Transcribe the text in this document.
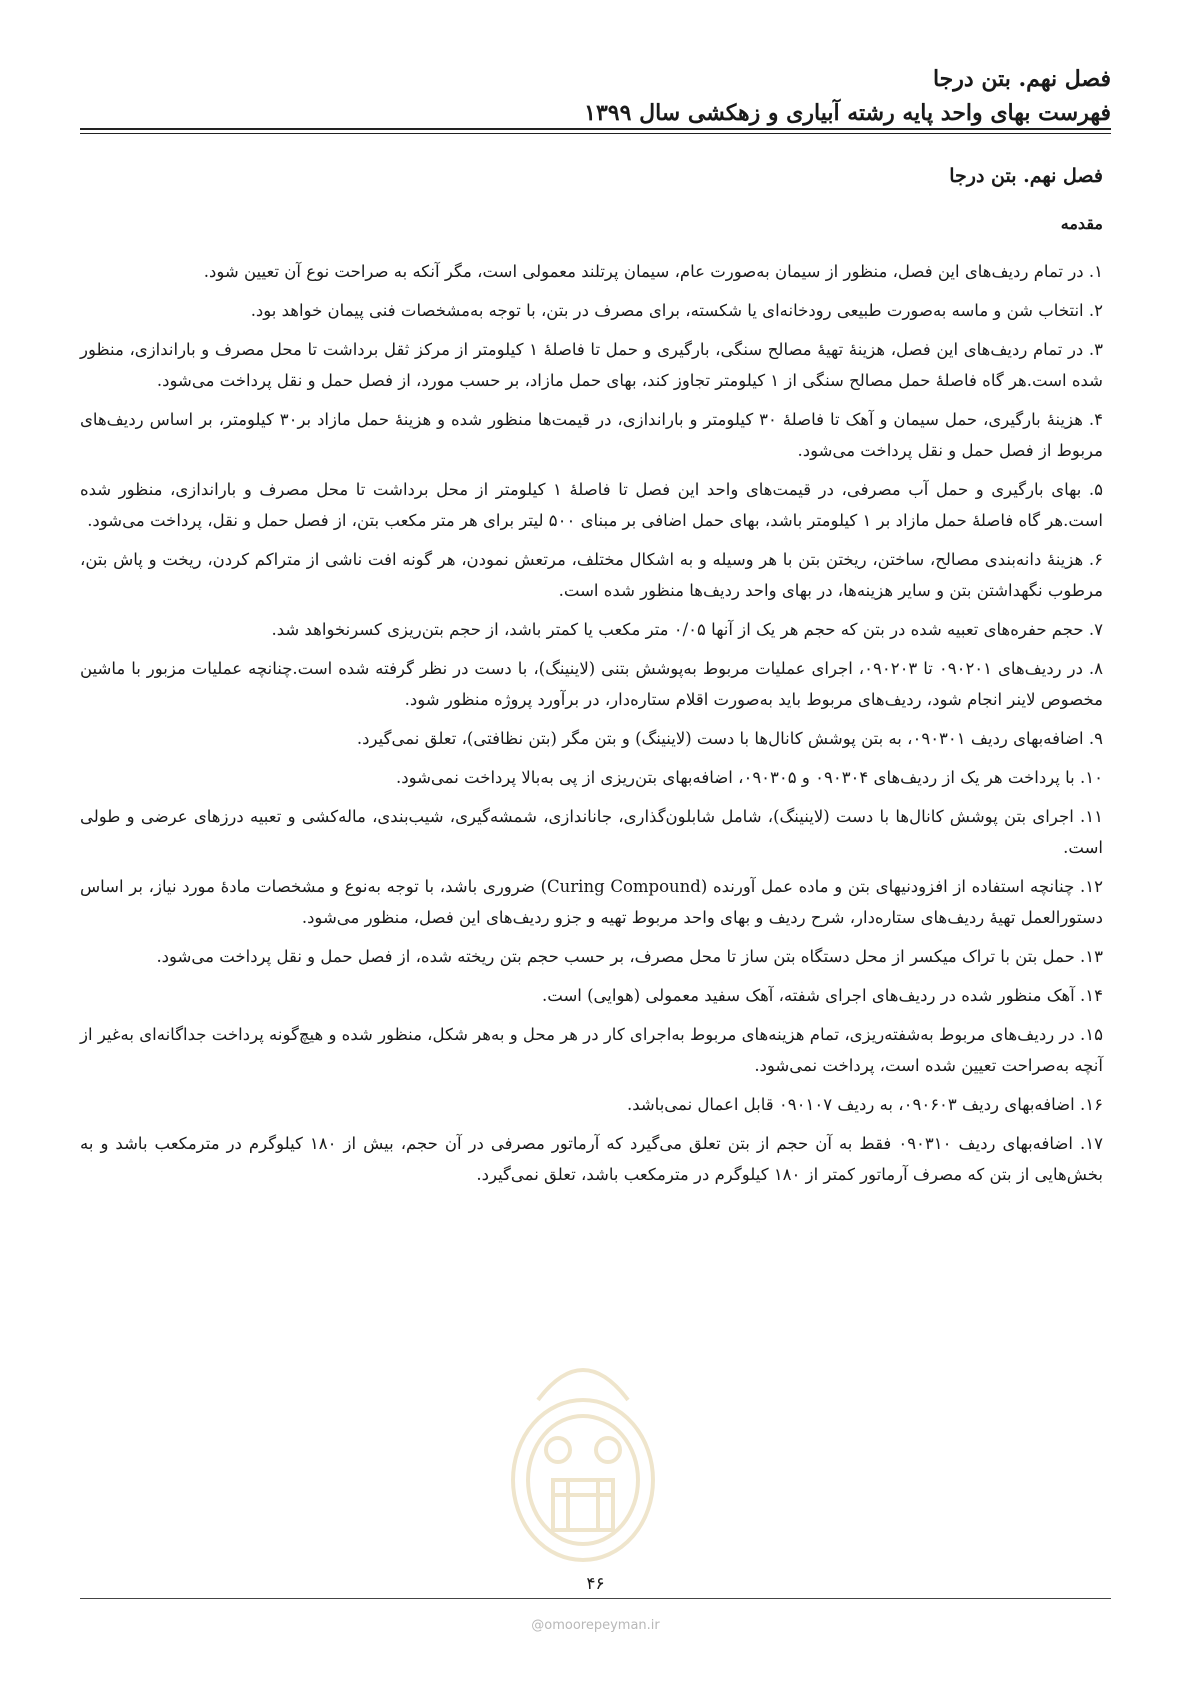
فصل نهم. بتن درجا

فهرست بهای واحد پایه رشته آبیاری و زهکشی سال ۱۳۹۹

فصل نهم. بتن درجا
مقدمه

۱. در تمام ردیف‌های این فصل، منظور از سیمان به‌صورت عام، سیمان پرتلند معمولی است، مگر آنکه به صراحت نوع آن تعیین شود.

۲. انتخاب شن و ماسه به‌صورت طبیعی رودخانه‌ای یا شکسته، برای مصرف در بتن، با توجه به‌مشخصات فنی پیمان خواهد بود.

۳. در تمام ردیف‌های این فصل، هزینهٔ تهیهٔ مصالح سنگی، بارگیری و حمل تا فاصلهٔ ۱ کیلومتر از مرکز ثقل برداشت تا محل مصرف و باراندازی، منظور شده است.هر گاه فاصلهٔ حمل مصالح سنگی از ۱ کیلومتر تجاوز کند، بهای حمل مازاد، بر حسب مورد، از فصل حمل و نقل پرداخت می‌شود.

۴. هزینهٔ بارگیری، حمل سیمان و آهک تا فاصلهٔ ۳۰ کیلومتر و باراندازی، در قیمت‌ها منظور شده و هزینهٔ حمل مازاد بر۳۰ کیلومتر، بر اساس ردیف‌های مربوط از فصل حمل و نقل پرداخت می‌شود.

۵. بهای بارگیری و حمل آب مصرفی، در قیمت‌های واحد این فصل تا فاصلهٔ ۱ کیلومتر از محل برداشت تا محل مصرف و باراندازی، منظور شده است.هر گاه فاصلهٔ حمل مازاد بر ۱ کیلومتر باشد، بهای حمل اضافی بر مبنای ۵۰۰ لیتر برای هر متر مکعب بتن، از فصل حمل و نقل، پرداخت می‌شود.

۶. هزینهٔ دانه‌بندی مصالح، ساختن، ریختن بتن با هر وسیله و به اشکال مختلف، مرتعش نمودن، هر گونه افت ناشی از متراکم کردن، ریخت و پاش بتن، مرطوب نگهداشتن بتن و سایر هزینه‌ها، در بهای واحد ردیف‌ها منظور شده است.

۷. حجم حفره‌های تعبیه شده در بتن که حجم هر یک از آنها ۰/۰۵ متر مکعب یا کمتر باشد، از حجم بتن‌ریزی کسرنخواهد شد.

۸. در ردیف‌های ۰۹۰۲۰۱ تا ۰۹۰۲۰۳، اجرای عملیات مربوط به‌پوشش بتنی (لاینینگ)، با دست در نظر گرفته شده است.چنانچه عملیات مزبور با ماشین مخصوص لاینر انجام شود، ردیف‌های مربوط باید به‌صورت اقلام ستاره‌دار، در برآورد پروژه منظور شود.

۹. اضافه‌بهای ردیف ۰۹۰۳۰۱، به بتن پوشش کانال‌ها با دست (لاینینگ) و بتن مگر (بتن نظافتی)، تعلق نمی‌گیرد.

۱۰. با پرداخت هر یک از ردیف‌های ۰۹۰۳۰۴ و ۰۹۰۳۰۵، اضافه‌بهای بتن‌ریزی از پی به‌بالا پرداخت نمی‌شود.

۱۱. اجرای بتن پوشش کانال‌ها با دست (لاینینگ)، شامل شابلون‌گذاری، جاناندازی، شمشه‌گیری، شیب‌بندی، ماله‌کشی و تعبیه درزهای عرضی و طولی است.

۱۲. چنانچه استفاده از افزودنیهای بتن و ماده عمل آورنده (Curing Compound) ضروری باشد، با توجه به‌نوع و مشخصات مادهٔ مورد نیاز، بر اساس دستورالعمل تهیهٔ ردیف‌های ستاره‌دار، شرح ردیف و بهای واحد مربوط تهیه و جزو ردیف‌های این فصل، منظور می‌شود.

۱۳. حمل بتن با تراک میکسر از محل دستگاه بتن ساز تا محل مصرف، بر حسب حجم بتن ریخته شده، از فصل حمل و نقل پرداخت می‌شود.

۱۴. آهک منظور شده در ردیف‌های اجرای شفته، آهک سفید معمولی (هوایی) است.

۱۵. در ردیف‌های مربوط به‌شفته‌ریزی، تمام هزینه‌های مربوط به‌اجرای کار در هر محل و به‌هر شکل، منظور شده و هیچ‌گونه پرداخت جداگانه‌ای به‌غیر از آنچه به‌صراحت تعیین شده است، پرداخت نمی‌شود.

۱۶. اضافه‌بهای ردیف ۰۹۰۶۰۳، به ردیف ۰۹۰۱۰۷ قابل اعمال نمی‌باشد.

۱۷. اضافه‌بهای ردیف ۰۹۰۳۱۰ فقط به آن حجم از بتن تعلق می‌گیرد که آرماتور مصرفی در آن حجم، بیش از ۱۸۰ کیلوگرم در مترمکعب باشد و به بخش‌هایی از بتن که مصرف آرماتور کمتر از ۱۸۰ کیلوگرم در مترمکعب باشد، تعلق نمی‌گیرد.

۴۶
@omoorepeyman.ir
